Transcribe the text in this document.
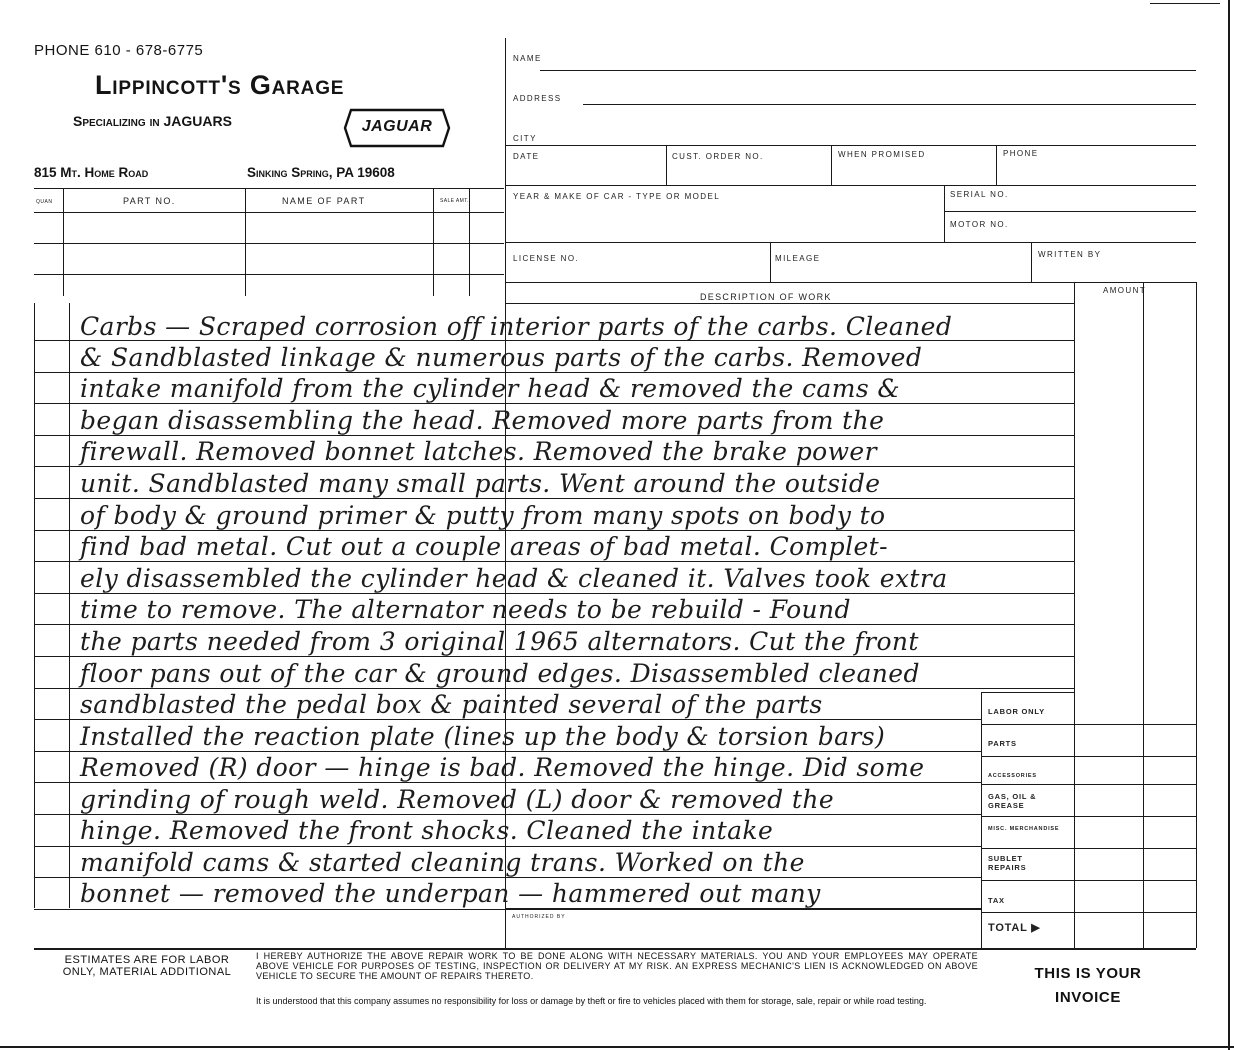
PHONE 610 - 678-6775
Lippincott's Garage
Specializing in JAGUARS	JAGUAR
815 Mt. Home Road	Sinking Spring, PA 19608
QUAN	PART NO.	NAME OF PART	SALE AMT.
NAME
ADDRESS
CITY
DATE	CUST. ORDER NO.	WHEN PROMISED	PHONE
YEAR & MAKE OF CAR - TYPE OR MODEL	SERIAL NO.
MOTOR NO.
LICENSE NO.	MILEAGE	WRITTEN BY
DESCRIPTION OF WORK
AMOUNT
Carbs — Scraped corrosion off interior parts of the carbs. Cleaned
& Sandblasted linkage & numerous parts of the carbs. Removed
intake manifold from the cylinder head & removed the cams &
began disassembling the head. Removed more parts from the
firewall. Removed bonnet latches. Removed the brake power
unit. Sandblasted many small parts. Went around the outside
of body & ground primer & putty from many spots on body to
find bad metal. Cut out a couple areas of bad metal. Complet-
ely disassembled the cylinder head & cleaned it. Valves took extra
time to remove. The alternator needs to be rebuild - Found
the parts needed from 3 original 1965 alternators. Cut the front
floor pans out of the car & ground edges. Disassembled cleaned
sandblasted the pedal box & painted several of the parts
Installed the reaction plate (lines up the body & torsion bars)
Removed (R) door — hinge is bad. Removed the hinge. Did some
grinding of rough weld. Removed (L) door & removed the
hinge. Removed the front shocks. Cleaned the intake
manifold cams & started cleaning trans. Worked on the
bonnet — removed the underpan — hammered out many
AUTHORIZED BY
LABOR ONLY
PARTS
ACCESSORIES
GAS, OIL & GREASE
MISC. MERCHANDISE
SUBLET REPAIRS
TAX
TOTAL ▶
ESTIMATES ARE FOR LABOR ONLY, MATERIAL ADDITIONAL
I HEREBY AUTHORIZE THE ABOVE REPAIR WORK TO BE DONE ALONG WITH NECESSARY MATERIALS. YOU AND YOUR EMPLOYEES MAY OPERATE ABOVE VEHICLE FOR PURPOSES OF TESTING, INSPECTION OR DELIVERY AT MY RISK. AN EXPRESS MECHANIC'S LIEN IS ACKNOWLEDGED ON ABOVE VEHICLE TO SECURE THE AMOUNT OF REPAIRS THERETO.
It is understood that this company assumes no responsibility for loss or damage by theft or fire to vehicles placed with them for storage, sale, repair or while road testing.
THIS IS YOUR INVOICE
